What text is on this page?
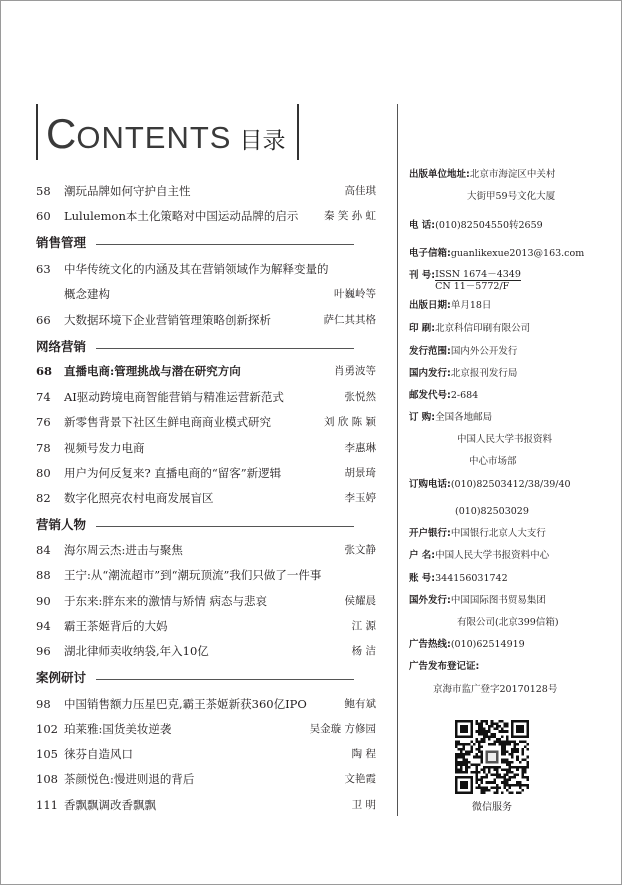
CONTENTS 目录
58 潮玩品牌如何守护自主性	高佳琪
60 Lululemon本土化策略对中国运动品牌的启示 秦 笑 孙 虹
销售管理
63 中华传统文化的内涵及其在营销领域作为解释变量的
概念建构	叶巍岭等
66 大数据环境下企业营销管理策略创新探析	萨仁其其格
网络营销
68 直播电商:管理挑战与潜在研究方向	肖勇波等
74 AI驱动跨境电商智能营销与精准运营新范式	张悦然
76 新零售背景下社区生鲜电商商业模式研究	刘 欣 陈 颖
78 视频号发力电商	李惠琳
80 用户为何反复来? 直播电商的“留客”新逻辑	胡景琦
82 数字化照亮农村电商发展盲区	李玉婷
营销人物
84 海尔周云杰:进击与聚焦	张文静
88 王宁:从“潮流超市”到“潮玩顶流”我们只做了一件事
90 于东来:胖东来的激情与矫情 病态与悲哀	侯耀晨
94 霸王茶姬背后的大妈	江 源
96 湖北律师卖收纳袋,年入10亿	杨 洁
案例研讨
98 中国销售额力压星巴克,霸王茶姬新获360亿IPO	鲍有斌
102 珀莱雅:国货美妆逆袭	吴金璇 方修园
105 徕芬自造风口	陶 程
108 茶颜悦色:慢进则退的背后	文艳霞
111 香飘飘调改香飘飘	卫 明
出版单位地址:北京市海淀区中关村
大街甲59号文化大厦
电 话:(010)82504550转2659
电子信箱:guanlikexue2013@163.com
刊 号: ISSN 1674－4349
CN 11－5772/F
出版日期:单月18日
印 刷:北京科信印刷有限公司
发行范围:国内外公开发行
国内发行:北京报刊发行局
邮发代号:2-684
订 购:全国各地邮局
中国人民大学书报资料
中心市场部
订购电话:(010)82503412/38/39/40
(010)82503029
开户银行:中国银行北京人大支行
户 名:中国人民大学书报资料中心
账 号:344156031742
国外发行:中国国际图书贸易集团
有限公司(北京399信箱)
广告热线:(010)62514919
广告发布登记证:
京海市监广登字20170128号
微信服务
